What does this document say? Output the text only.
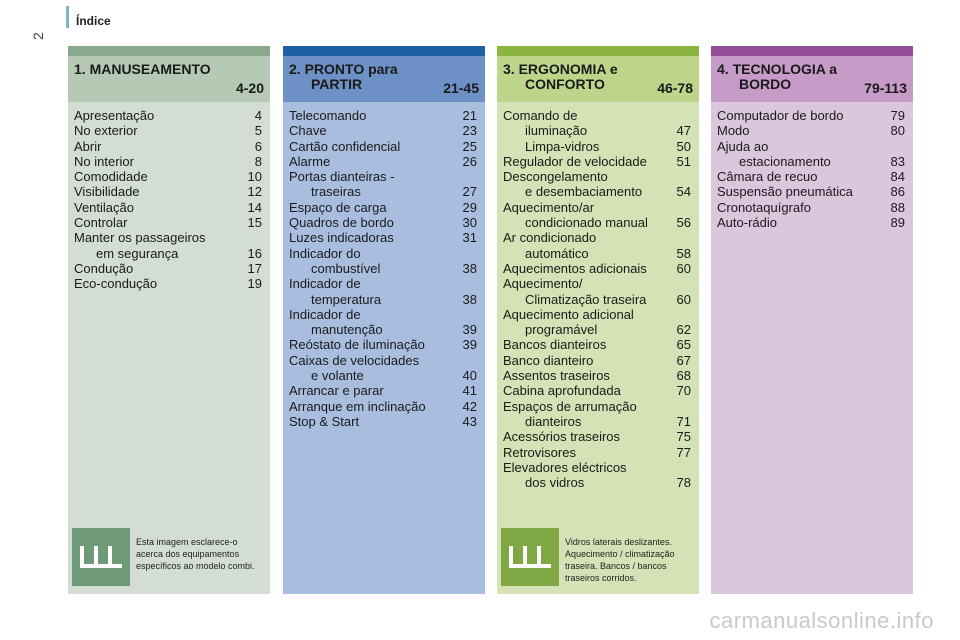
Índice
2
1. MANUSEAMENTO
4-20
Apresentação	4
No exterior	5
Abrir	6
No interior	8
Comodidade	10
Visibilidade	12
Ventilação	14
Controlar	15
Manter os passageiros
em segurança	16
Condução	17
Eco-condução	19
Esta imagem esclarece-o acerca dos equipamentos específicos ao modelo combi.
2. PRONTO para
PARTIR	21-45
Telecomando	21
Chave	23
Cartão confidencial	25
Alarme	26
Portas dianteiras -
traseiras	27
Espaço de carga	29
Quadros de bordo	30
Luzes indicadoras	31
Indicador do
combustível	38
Indicador de
temperatura	38
Indicador de
manutenção	39
Reóstato de iluminação	39
Caixas de velocidades
e volante	40
Arrancar e parar	41
Arranque em inclinação	42
Stop & Start	43
3. ERGONOMIA e
CONFORTO	46-78
Comando de
iluminação	47
Limpa-vidros	50
Regulador de velocidade 51
Descongelamento
e desembaciamento	54
Aquecimento/ar
condicionado manual	56
Ar condicionado
automático	58
Aquecimentos adicionais 60
Aquecimento/
Climatização traseira	60
Aquecimento adicional
programável	62
Bancos dianteiros	65
Banco dianteiro	67
Assentos traseiros	68
Cabina aprofundada	70
Espaços de arrumação
dianteiros	71
Acessórios traseiros	75
Retrovisores	77
Elevadores eléctricos
dos vidros	78
Vidros laterais deslizantes. Aquecimento / climatização traseira. Bancos / bancos traseiros corridos.
4. TECNOLOGIA a
BORDO	79-113
Computador de bordo	79
Modo	80
Ajuda ao
estacionamento	83
Câmara de recuo	84
Suspensão pneumática	86
Cronotaquígrafo	88
Auto-rádio	89
carmanualsonline.info
